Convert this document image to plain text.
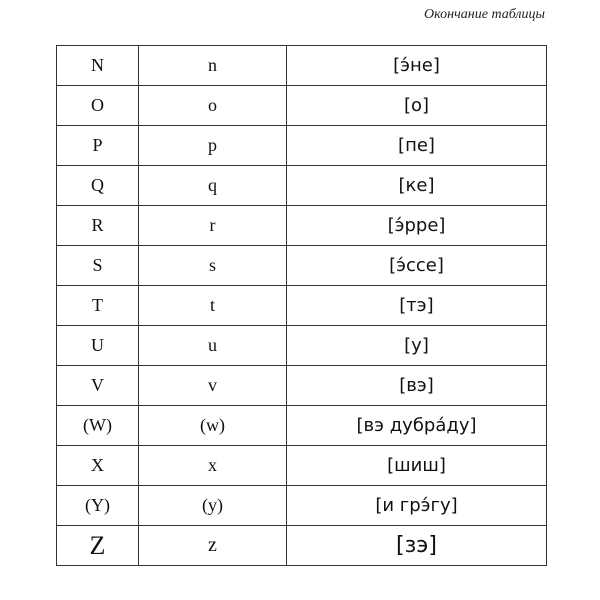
Окончание таблицы
N	n	[э́не]
O	o	[о]
P	p	[пе]
Q	q	[ке]
R	r	[э́рре]
S	s	[э́ссе]
T	t	[тэ]
U	u	[у]
V	v	[вэ]
(W)	(w)	[вэ дубрáду]
X	x	[шиш]
(Y)	(y)	[и грэ́гу]
Z	z	[зэ]
